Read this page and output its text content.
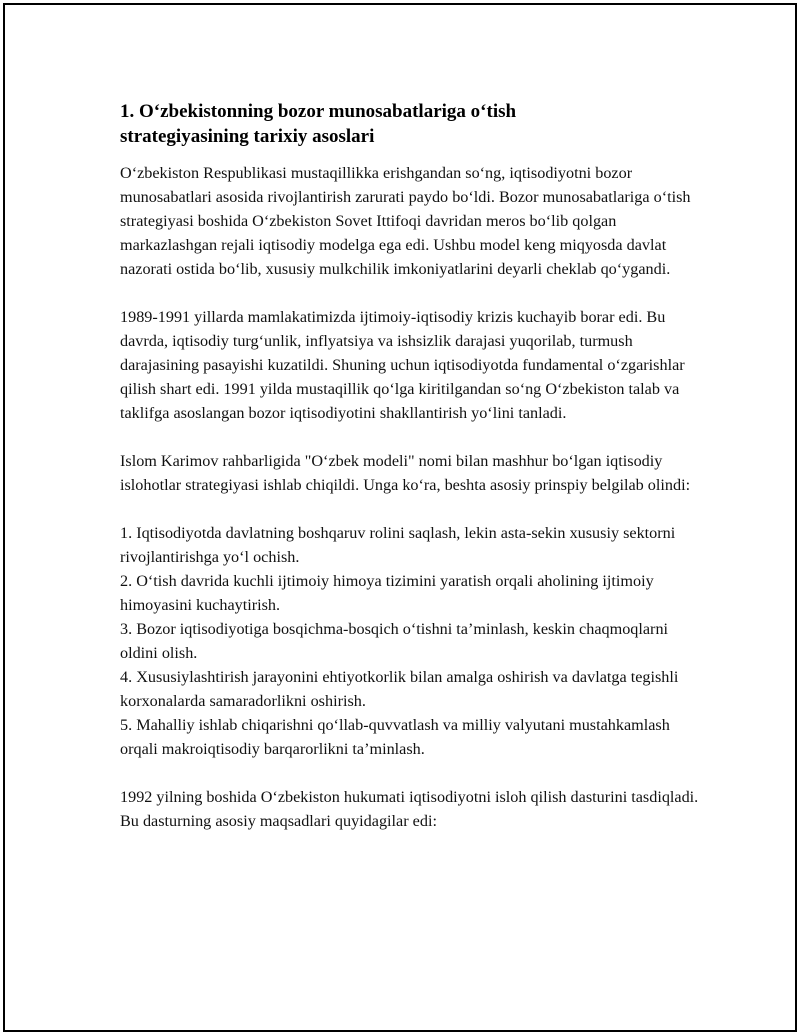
1. O‘zbekistonning bozor munosabatlariga o‘tish
strategiyasining tarixiy asoslari

O‘zbekiston Respublikasi mustaqillikka erishgandan so‘ng, iqtisodiyotni bozor munosabatlari asosida rivojlantirish zarurati paydo bo‘ldi. Bozor munosabatlariga o‘tish strategiyasi boshida O‘zbekiston Sovet Ittifoqi davridan meros bo‘lib qolgan markazlashgan rejali iqtisodiy modelga ega edi. Ushbu model keng miqyosda davlat nazorati ostida bo‘lib, xususiy mulkchilik imkoniyatlarini deyarli cheklab qo‘ygandi.

1989-1991 yillarda mamlakatimizda ijtimoiy-iqtisodiy krizis kuchayib borar edi. Bu davrda, iqtisodiy turg‘unlik, inflyatsiya va ishsizlik darajasi yuqorilab, turmush darajasining pasayishi kuzatildi. Shuning uchun iqtisodiyotda fundamental o‘zgarishlar qilish shart edi. 1991 yilda mustaqillik qo‘lga kiritilgandan so‘ng O‘zbekiston talab va taklifga asoslangan bozor iqtisodiyotini shakllantirish yo‘lini tanladi.

Islom Karimov rahbarligida "O‘zbek modeli" nomi bilan mashhur bo‘lgan iqtisodiy islohotlar strategiyasi ishlab chiqildi. Unga ko‘ra, beshta asosiy prinspiy belgilab olindi:

1. Iqtisodiyotda davlatning boshqaruv rolini saqlash, lekin asta-sekin xususiy sektorni rivojlantirishga yo‘l ochish.
2. O‘tish davrida kuchli ijtimoiy himoya tizimini yaratish orqali aholining ijtimoiy himoyasini kuchaytirish.
3. Bozor iqtisodiyotiga bosqichma-bosqich o‘tishni ta’minlash, keskin chaqmoqlarni oldini olish.
4. Xususiylashtirish jarayonini ehtiyotkorlik bilan amalga oshirish va davlatga tegishli korxonalarda samaradorlikni oshirish.
5. Mahalliy ishlab chiqarishni qo‘llab-quvvatlash va milliy valyutani mustahkamlash orqali makroiqtisodiy barqarorlikni ta’minlash.

1992 yilning boshida O‘zbekiston hukumati iqtisodiyotni isloh qilish dasturini tasdiqladi. Bu dasturning asosiy maqsadlari quyidagilar edi:
